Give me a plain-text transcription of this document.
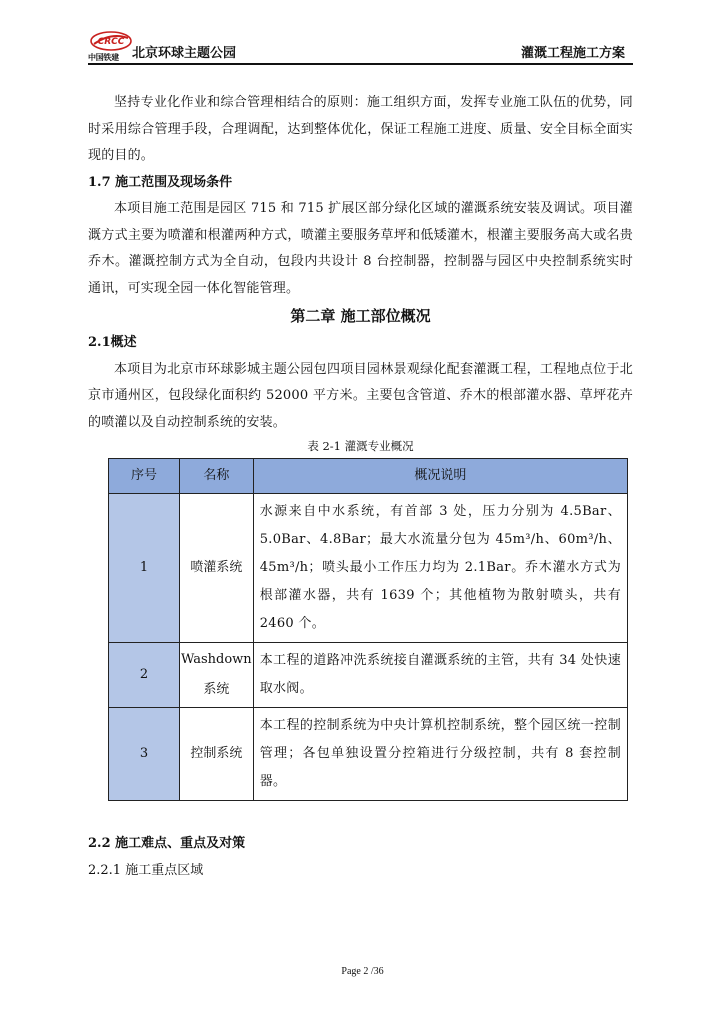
CRCC
中国铁建 北京环球主题公园	灌溉工程施工方案

坚持专业化作业和综合管理相结合的原则：施工组织方面，发挥专业施工队伍的优势，同时采用综合管理手段，合理调配，达到整体优化，保证工程施工进度、质量、安全目标全面实现的目的。

1.7 施工范围及现场条件

本项目施工范围是园区 715 和 715 扩展区部分绿化区域的灌溉系统安装及调试。项目灌溉方式主要为喷灌和根灌两种方式，喷灌主要服务草坪和低矮灌木，根灌主要服务高大或名贵乔木。灌溉控制方式为全自动，包段内共设计 8 台控制器，控制器与园区中央控制系统实时通讯，可实现全园一体化智能管理。

第二章 施工部位概况

2.1概述

本项目为北京市环球影城主题公园包四项目园林景观绿化配套灌溉工程，工程地点位于北京市通州区，包段绿化面积约 52000 平方米。主要包含管道、乔木的根部灌水器、草坪花卉的喷灌以及自动控制系统的安装。

表 2-1 灌溉专业概况

序号	名称	概况说明
1	喷灌系统	水源来自中水系统，有首部 3 处，压力分别为 4.5Bar、5.0Bar、4.8Bar；最大水流量分包为 45m³/h、60m³/h、45m³/h；喷头最小工作压力均为 2.1Bar。乔木灌水方式为根部灌水器，共有 1639 个；其他植物为散射喷头，共有 2460 个。
2	Washdown 系统	本工程的道路冲洗系统接自灌溉系统的主管，共有 34 处快速取水阀。
3	控制系统	本工程的控制系统为中央计算机控制系统，整个园区统一控制管理；各包单独设置分控箱进行分级控制，共有 8 套控制器。

2.2 施工难点、重点及对策

2.2.1 施工重点区域

Page 2 /36
